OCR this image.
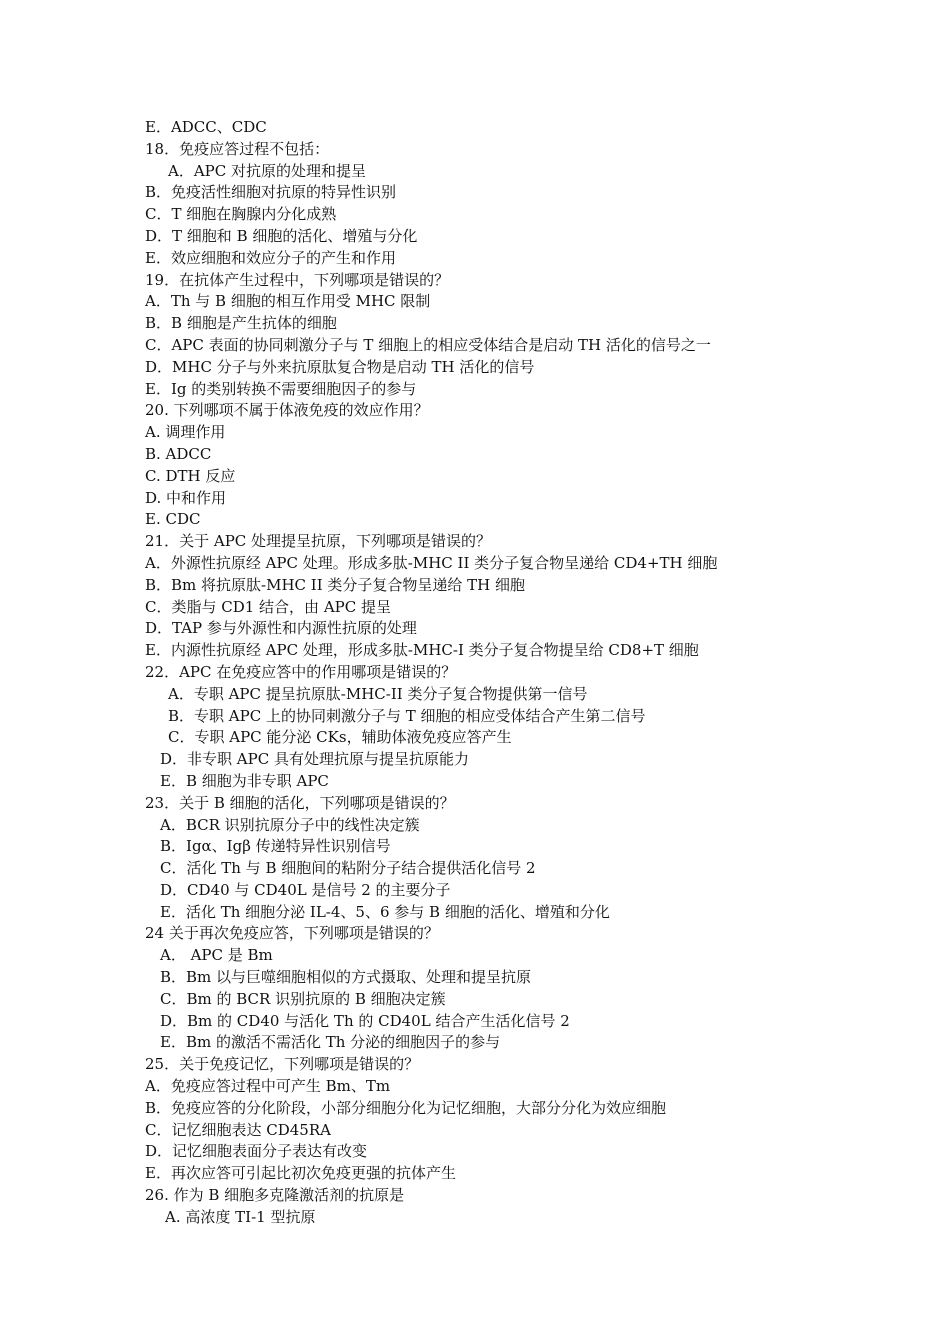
E．ADCC、CDC
18．免疫应答过程不包括：
A．APC 对抗原的处理和提呈
B．免疫活性细胞对抗原的特异性识别
C．T 细胞在胸腺内分化成熟
D．T 细胞和 B 细胞的活化、增殖与分化
E．效应细胞和效应分子的产生和作用
19．在抗体产生过程中，下列哪项是错误的？
A．Th 与 B 细胞的相互作用受 MHC 限制
B．B 细胞是产生抗体的细胞
C．APC 表面的协同刺激分子与 T 细胞上的相应受体结合是启动 TH 活化的信号之一
D．MHC 分子与外来抗原肽复合物是启动 TH 活化的信号
E．Ig 的类别转换不需要细胞因子的参与
20. 下列哪项不属于体液免疫的效应作用？
A. 调理作用
B. ADCC
C. DTH 反应
D. 中和作用
E. CDC
21．关于 APC 处理提呈抗原，下列哪项是错误的？
A．外源性抗原经 APC 处理。形成多肽-MHC II 类分子复合物呈递给 CD4+TH 细胞
B．Bm 将抗原肽-MHC II 类分子复合物呈递给 TH 细胞
C．类脂与 CD1 结合，由 APC 提呈
D．TAP 参与外源性和内源性抗原的处理
E．内源性抗原经 APC 处理，形成多肽-MHC-I 类分子复合物提呈给 CD8+T 细胞
22．APC 在免疫应答中的作用哪项是错误的？
A．专职 APC 提呈抗原肽-MHC-II 类分子复合物提供第一信号
B．专职 APC 上的协同刺激分子与 T 细胞的相应受体结合产生第二信号
C．专职 APC 能分泌 CKs，辅助体液免疫应答产生
D．非专职 APC 具有处理抗原与提呈抗原能力
E．B 细胞为非专职 APC
23．关于 B 细胞的活化，下列哪项是错误的？
A．BCR 识别抗原分子中的线性决定簇
B．Igα、Igβ 传递特异性识别信号
C．活化 Th 与 B 细胞间的粘附分子结合提供活化信号 2
D．CD40 与 CD40L 是信号 2 的主要分子
E．活化 Th 细胞分泌 IL-4、5、6 参与 B 细胞的活化、增殖和分化
24 关于再次免疫应答，下列哪项是错误的？
A． APC 是 Bm
B．Bm 以与巨噬细胞相似的方式摄取、处理和提呈抗原
C．Bm 的 BCR 识别抗原的 B 细胞决定簇
D．Bm 的 CD40 与活化 Th 的 CD40L 结合产生活化信号 2
E．Bm 的激活不需活化 Th 分泌的细胞因子的参与
25．关于免疫记忆，下列哪项是错误的？
A．免疫应答过程中可产生 Bm、Tm
B．免疫应答的分化阶段，小部分细胞分化为记忆细胞，大部分分化为效应细胞
C．记忆细胞表达 CD45RA
D．记忆细胞表面分子表达有改变
E．再次应答可引起比初次免疫更强的抗体产生
26. 作为 B 细胞多克隆激活剂的抗原是
A. 高浓度 TI-1 型抗原
